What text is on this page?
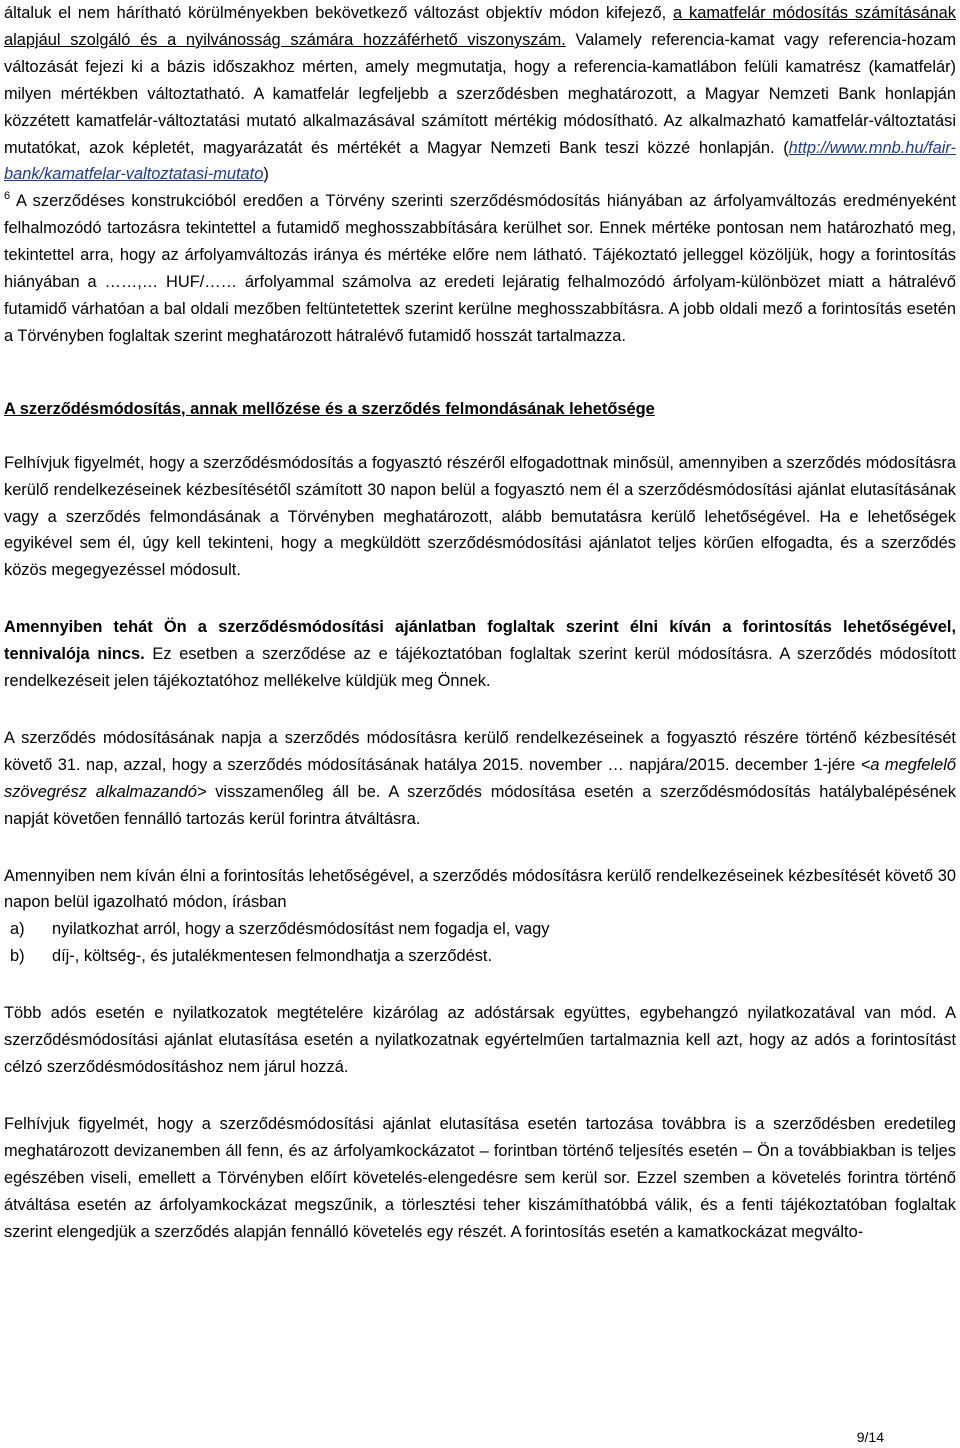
általuk el nem hárítható körülményekben bekövetkező változást objektív módon kifejező, a kamatfelár módosítás számításának alapjául szolgáló és a nyilvánosság számára hozzáférhető viszonyszám. Valamely referencia-kamat vagy referencia-hozam változását fejezi ki a bázis időszakhoz mérten, amely megmutatja, hogy a referencia-kamatlábon felüli kamatrész (kamatfelár) milyen mértékben változtatható. A kamatfelár legfeljebb a szerződésben meghatározott, a Magyar Nemzeti Bank honlapján közzétett kamatfelár-változtatási mutató alkalmazásával számított mértékig módosítható. Az alkalmazható kamatfelár-változtatási mutatókat, azok képletét, magyarázatát és mértékét a Magyar Nemzeti Bank teszi közzé honlapján. (http://www.mnb.hu/fair-bank/kamatfelar-valtoztatasi-mutato)

$^6$ A szerződéses konstrukcióból eredően a Törvény szerinti szerződésmódosítás hiányában az árfolyamváltozás eredményeként felhalmozódó tartozásra tekintettel a futamidő meghosszabbítására kerülhet sor. Ennek mértéke pontosan nem határozható meg, tekintettel arra, hogy az árfolyamváltozás iránya és mértéke előre nem látható. Tájékoztató jelleggel közöljük, hogy a forintosítás hiányában a ……,… HUF/…… árfolyammal számolva az eredeti lejáratig felhalmozódó árfolyam-különbözet miatt a hátralévő futamidő várhatóan a bal oldali mezőben feltüntetettek szerint kerülne meghosszabbításra. A jobb oldali mező a forintosítás esetén a Törvényben foglaltak szerint meghatározott hátralévő futamidő hosszát tartalmazza.

A szerződésmódosítás, annak mellőzése és a szerződés felmondásának lehetősége

Felhívjuk figyelmét, hogy a szerződésmódosítás a fogyasztó részéről elfogadottnak minősül, amennyiben a szerződés módosításra kerülő rendelkezéseinek kézbesítésétől számított 30 napon belül a fogyasztó nem él a szerződésmódosítási ajánlat elutasításának vagy a szerződés felmondásának a Törvényben meghatározott, alább bemutatásra kerülő lehetőségével. Ha e lehetőségek egyikével sem él, úgy kell tekinteni, hogy a megküldött szerződésmódosítási ajánlatot teljes körűen elfogadta, és a szerződés közös megegyezéssel módosult.

Amennyiben tehát Ön a szerződésmódosítási ajánlatban foglaltak szerint élni kíván a forintosítás lehetőségével, tennivalója nincs. Ez esetben a szerződése az e tájékoztatóban foglaltak szerint kerül módosításra. A szerződés módosított rendelkezéseit jelen tájékoztatóhoz mellékelve küldjük meg Önnek.

A szerződés módosításának napja a szerződés módosításra kerülő rendelkezéseinek a fogyasztó részére történő kézbesítését követő 31. nap, azzal, hogy a szerződés módosításának hatálya 2015. november … napjára/2015. december 1-jére <a megfelelő szövegrész alkalmazandó> visszamenőleg áll be. A szerződés módosítása esetén a szerződésmódosítás hatálybalépésének napját követően fennálló tartozás kerül forintra átváltásra.

Amennyiben nem kíván élni a forintosítás lehetőségével, a szerződés módosításra kerülő rendelkezéseinek kézbesítését követő 30 napon belül igazolható módon, írásban

a)	nyilatkozhat arról, hogy a szerződésmódosítást nem fogadja el, vagy
b)	díj-, költség-, és jutalékmentesen felmondhatja a szerződést.

Több adós esetén e nyilatkozatok megtételére kizárólag az adóstársak együttes, egybehangzó nyilatkozatával van mód. A szerződésmódosítási ajánlat elutasítása esetén a nyilatkozatnak egyértelműen tartalmaznia kell azt, hogy az adós a forintosítást célzó szerződésmódosításhoz nem járul hozzá.

Felhívjuk figyelmét, hogy a szerződésmódosítási ajánlat elutasítása esetén tartozása továbbra is a szerződésben eredetileg meghatározott devizanemben áll fenn, és az árfolyamkockázatot – forintban történő teljesítés esetén – Ön a továbbiakban is teljes egészében viseli, emellett a Törvényben előírt követelés-elengedésre sem kerül sor. Ezzel szemben a követelés forintra történő átváltása esetén az árfolyamkockázat megszűnik, a törlesztési teher kiszámíthatóbbá válik, és a fenti tájékoztatóban foglaltak szerint elengedjük a szerződés alapján fennálló követelés egy részét. A forintosítás esetén a kamatkockázat megválto-

9/14
